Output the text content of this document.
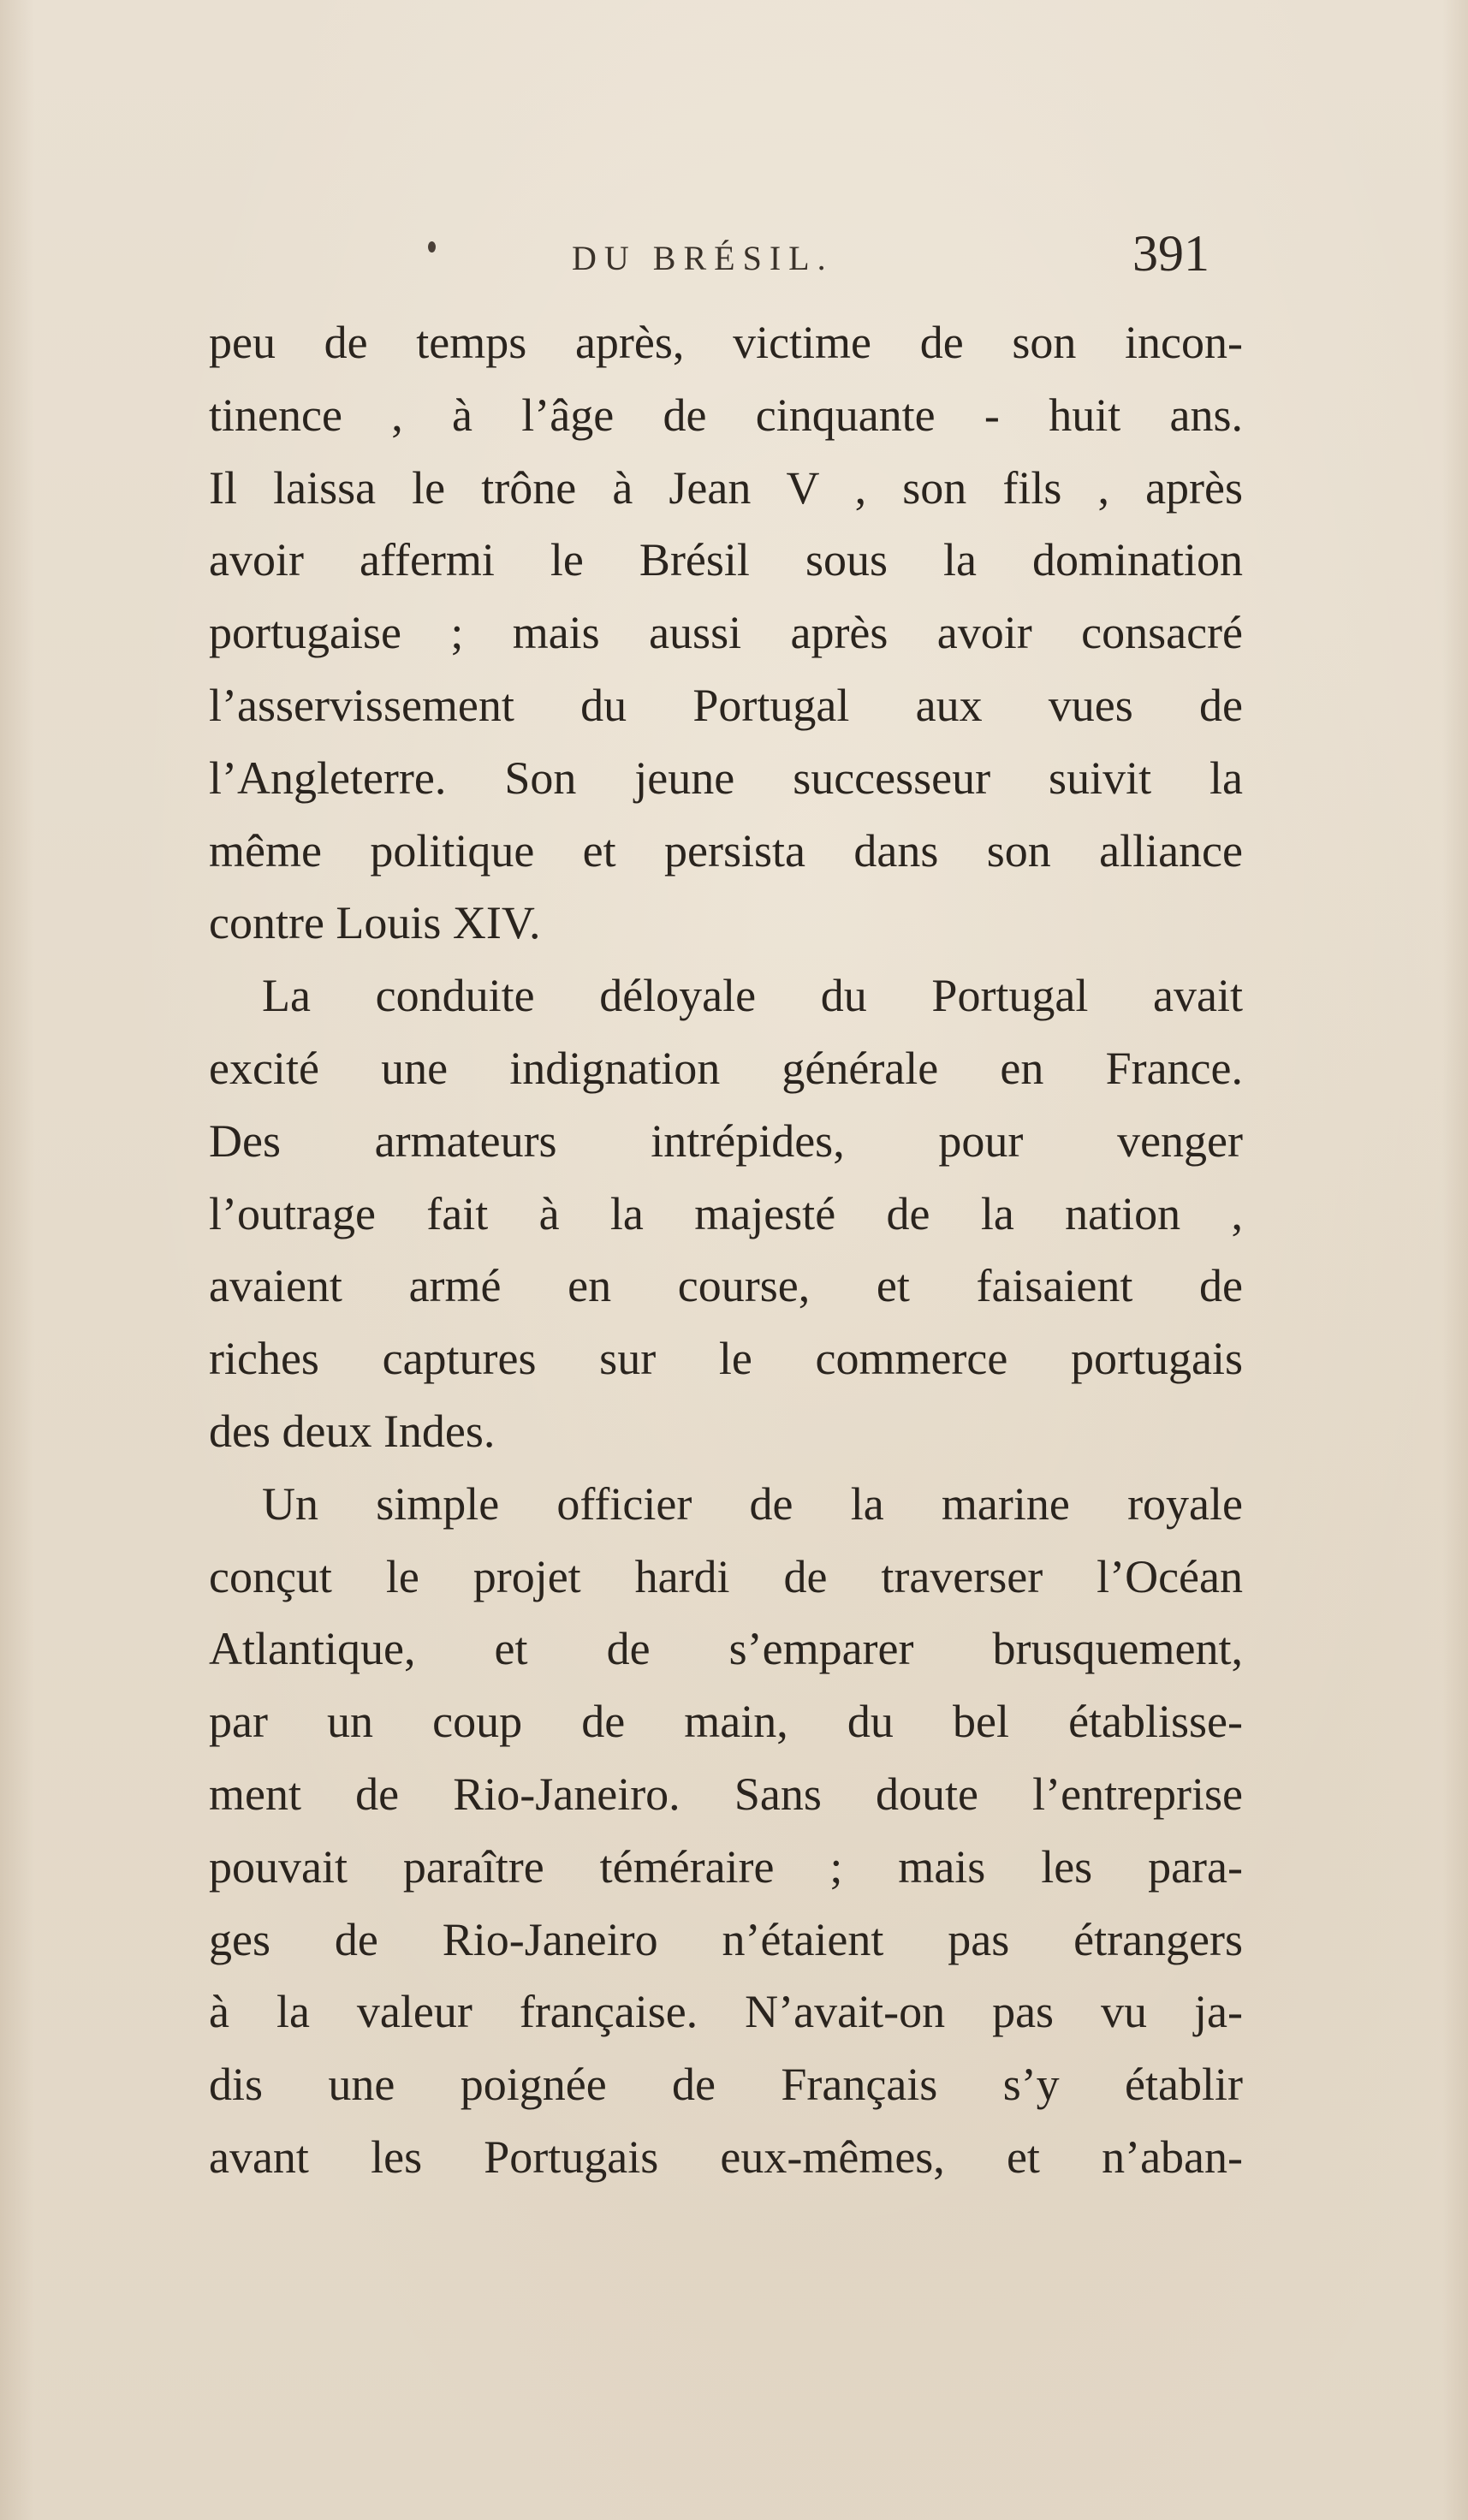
DU BRÉSIL.	391
peu de temps après, victime de son incon-
tinence , à l’âge de cinquante - huit ans.
Il laissa le trône à Jean V , son fils , après
avoir affermi le Brésil sous la domination
portugaise ; mais aussi après avoir consacré
l’asservissement du Portugal aux vues de
l’Angleterre. Son jeune successeur suivit la
même politique et persista dans son alliance
contre Louis XIV.
La conduite déloyale du Portugal avait
excité une indignation générale en France.
Des armateurs intrépides, pour venger
l’outrage fait à la majesté de la nation ,
avaient armé en course, et faisaient de
riches captures sur le commerce portugais
des deux Indes.
Un simple officier de la marine royale
conçut le projet hardi de traverser l’Océan
Atlantique, et de s’emparer brusquement,
par un coup de main, du bel établisse-
ment de Rio-Janeiro. Sans doute l’entreprise
pouvait paraître téméraire ; mais les para-
ges de Rio-Janeiro n’étaient pas étrangers
à la valeur française. N’avait-on pas vu ja-
dis une poignée de Français s’y établir
avant les Portugais eux-mêmes, et n’aban-
